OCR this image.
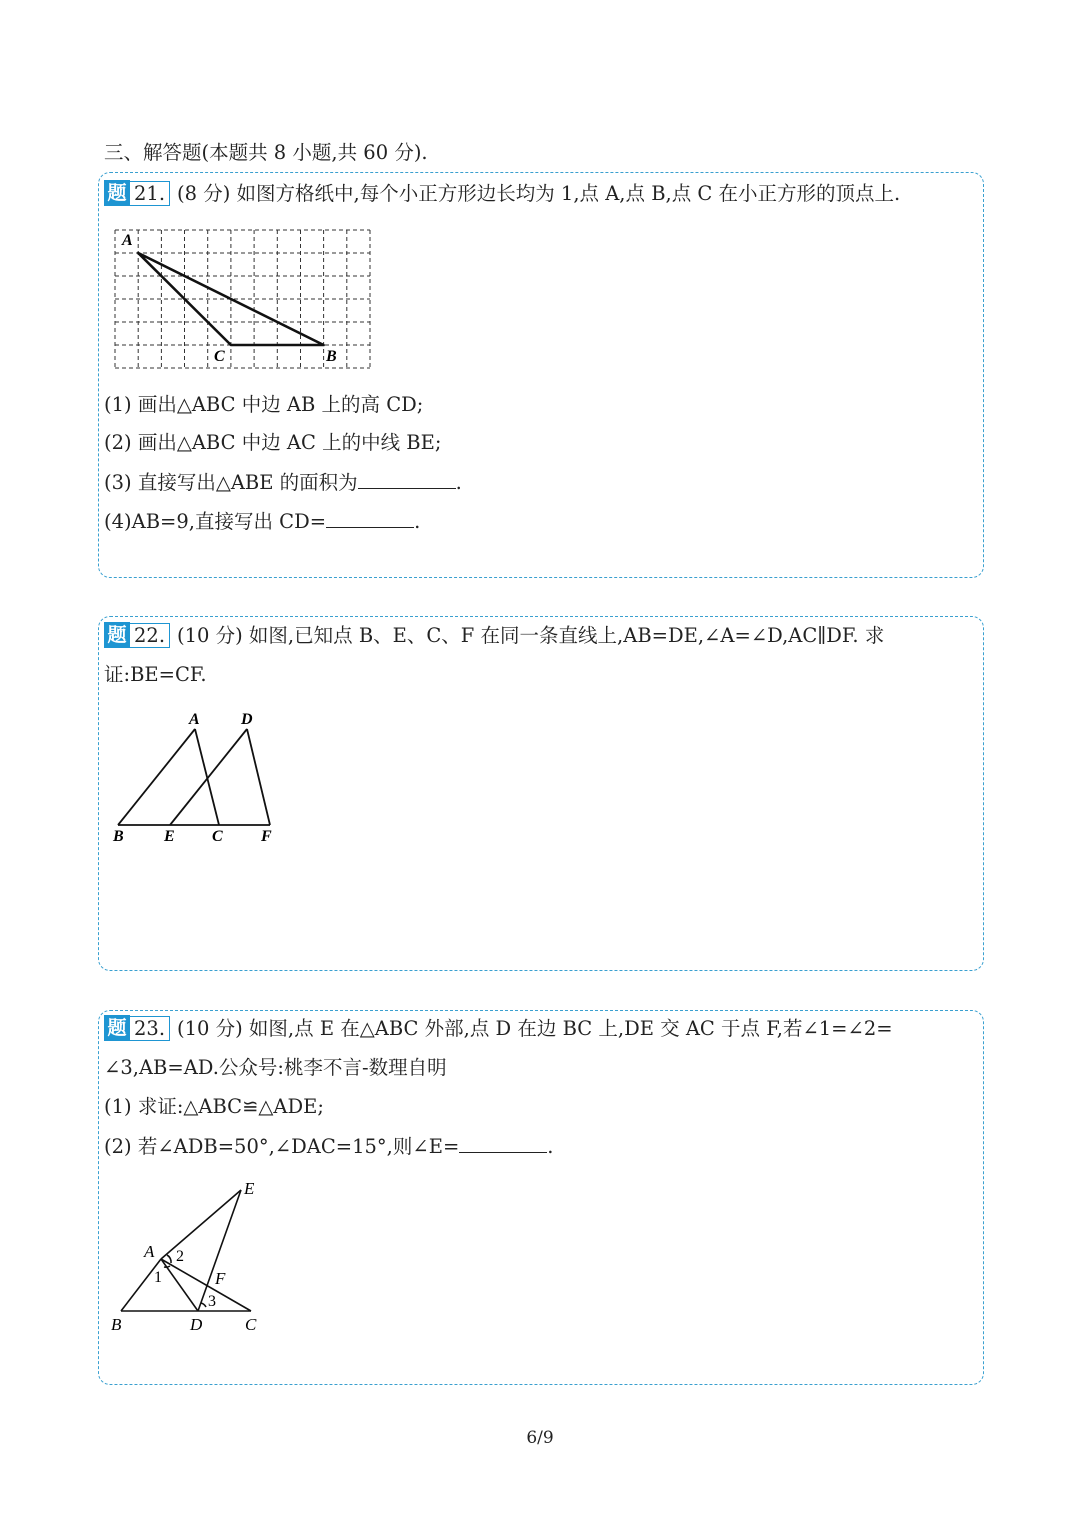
三、解答题(本题共 8 小题,共 60 分).
题 21. (8 分) 如图方格纸中,每个小正方形边长均为 1,点 A,点 B,点 C 在小正方形的顶点上.
A
C	B
(1) 画出△ABC 中边 AB 上的高 CD;
(2) 画出△ABC 中边 AC 上的中线 BE;
(3) 直接写出△ABE 的面积为	.
(4)AB=9,直接写出 CD=	.
题 22. (10 分) 如图,已知点 B、E、C、F 在同一条直线上,AB=DE,∠A=∠D,AC∥DF. 求
证:BE=CF.
A	D
B	E C F
题 23. (10 分) 如图,点 E 在△ABC 外部,点 D 在边 BC 上,DE 交 AC 于点 F,若∠1=∠2=
∠3,AB=AD.公众号:桃李不言-数理自明
(1) 求证:△ABC≌△ADE;
(2) 若∠ADB=50°,∠DAC=15°,则∠E=	.
E
A
F
B	D	C
1
2
3
6/9
